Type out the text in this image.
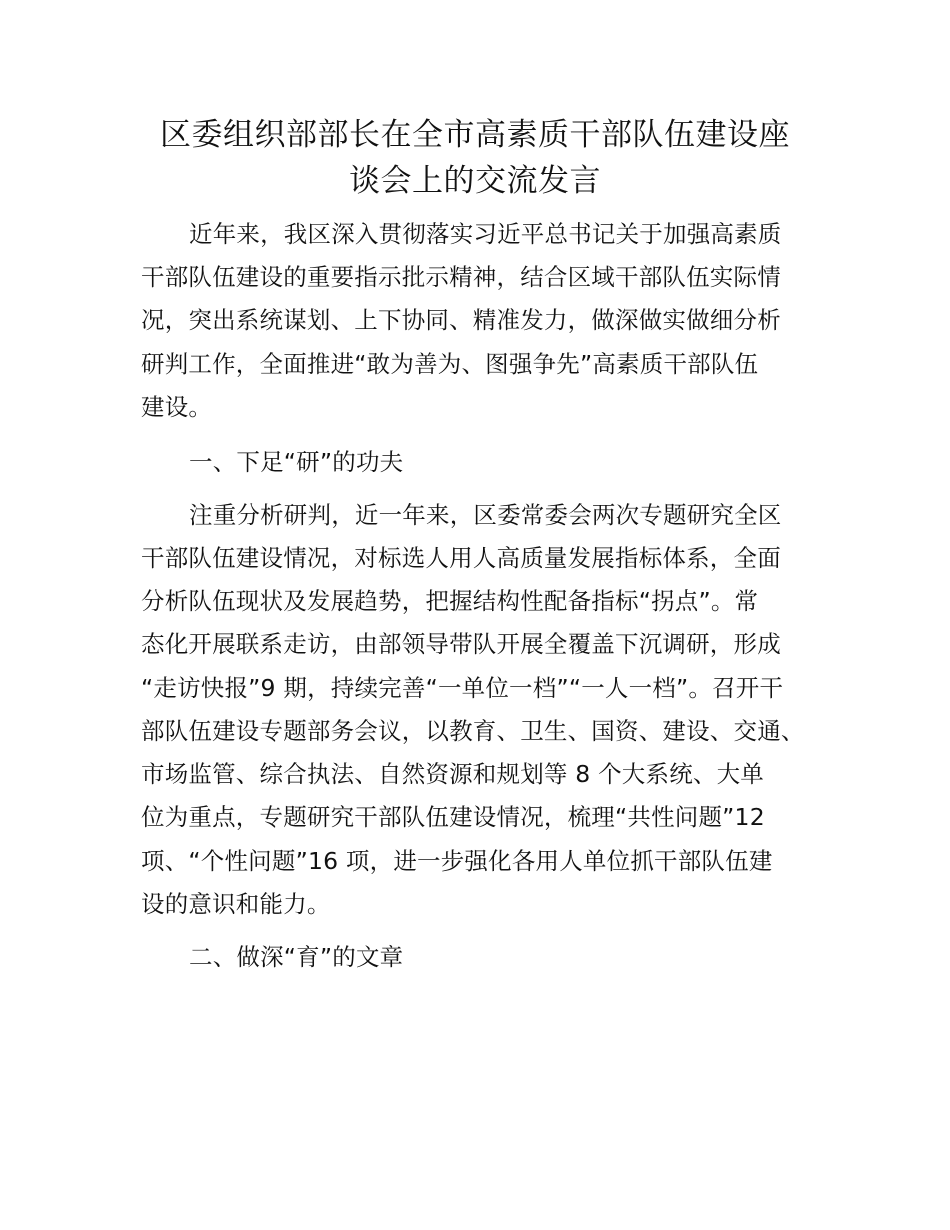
区委组织部部长在全市高素质干部队伍建设座
谈会上的交流发言
近年来，我区深入贯彻落实习近平总书记关于加强高素质
干部队伍建设的重要指示批示精神，结合区域干部队伍实际情
况，突出系统谋划、上下协同、精准发力，做深做实做细分析
研判工作，全面推进“敢为善为、图强争先”高素质干部队伍
建设。
一、下足“研”的功夫
注重分析研判，近一年来，区委常委会两次专题研究全区
干部队伍建设情况，对标选人用人高质量发展指标体系，全面
分析队伍现状及发展趋势，把握结构性配备指标“拐点”。常
态化开展联系走访，由部领导带队开展全覆盖下沉调研，形成
“走访快报”9 期，持续完善“一单位一档”“一人一档”。召开干
部队伍建设专题部务会议，以教育、卫生、国资、建设、交通、
市场监管、综合执法、自然资源和规划等 8 个大系统、大单
位为重点，专题研究干部队伍建设情况，梳理“共性问题”12
项、“个性问题”16 项，进一步强化各用人单位抓干部队伍建
设的意识和能力。
二、做深“育”的文章
